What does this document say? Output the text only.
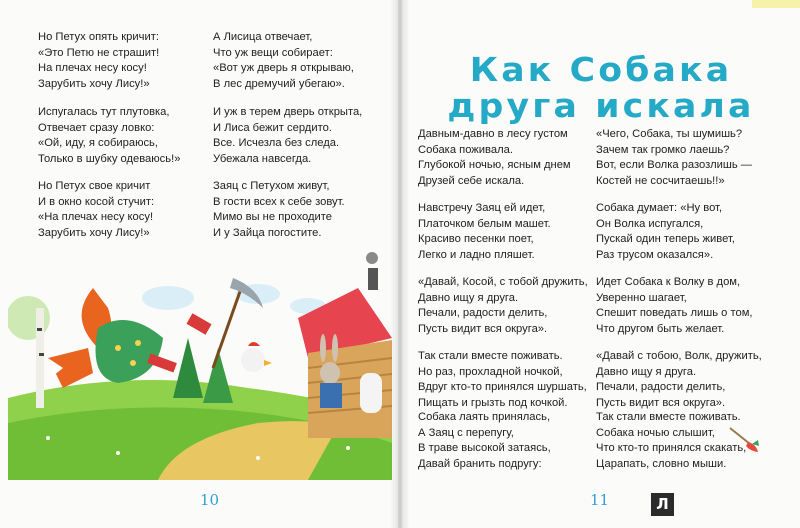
Но Петух опять кричит:
«Это Петю не страшит!
На плечах несу косу!
Зарубить хочу Лису!»
Испугалась тут плутовка,
Отвечает сразу ловко:
«Ой, иду, я собираюсь,
Только в шубку одеваюсь!»
Но Петух свое кричит
И в окно косой стучит:
«На плечах несу косу!
Зарубить хочу Лису!»
А Лисица отвечает,
Что уж вещи собирает:
«Вот уж дверь я открываю,
В лес дремучий убегаю».
И уж в терем дверь открыта,
И Лиса бежит сердито.
Все. Исчезла без следа.
Убежала навсегда.
Заяц с Петухом живут,
В гости всех к себе зовут.
Мимо вы не проходите
И у Зайца погостите.
10
Как Собака
друга искала
Давным-давно в лесу густом
Собака поживала.
Глубокой ночью, ясным днем
Друзей себе искала.
Навстречу Заяц ей идет,
Платочком белым машет.
Красиво песенки поет,
Легко и ладно пляшет.
«Давай, Косой, с тобой дружить,
Давно ищу я друга.
Печали, радости делить,
Пусть видит вся округа».
Так стали вместе поживать.
Но раз, прохладной ночкой,
Вдруг кто-то принялся шуршать,
Пищать и грызть под кочкой.
Собака лаять принялась,
А Заяц с перепугу,
В траве высокой затаясь,
Давай бранить подругу:
«Чего, Собака, ты шумишь?
Зачем так громко лаешь?
Вот, если Волка разозлишь —
Костей не сосчитаешь!!»
Собака думает: «Ну вот,
Он Волка испугался,
Пускай один теперь живет,
Раз трусом оказался».
Идет Собака к Волку в дом,
Уверенно шагает,
Спешит поведать лишь о том,
Что другом быть желает.
«Давай с тобою, Волк, дружить,
Давно ищу я друга.
Печали, радости делить,
Пусть видит вся округа».
Так стали вместе поживать.
Собака ночью слышит,
Что кто-то принялся скакать,
Царапать, словно мыши.
11	Л
